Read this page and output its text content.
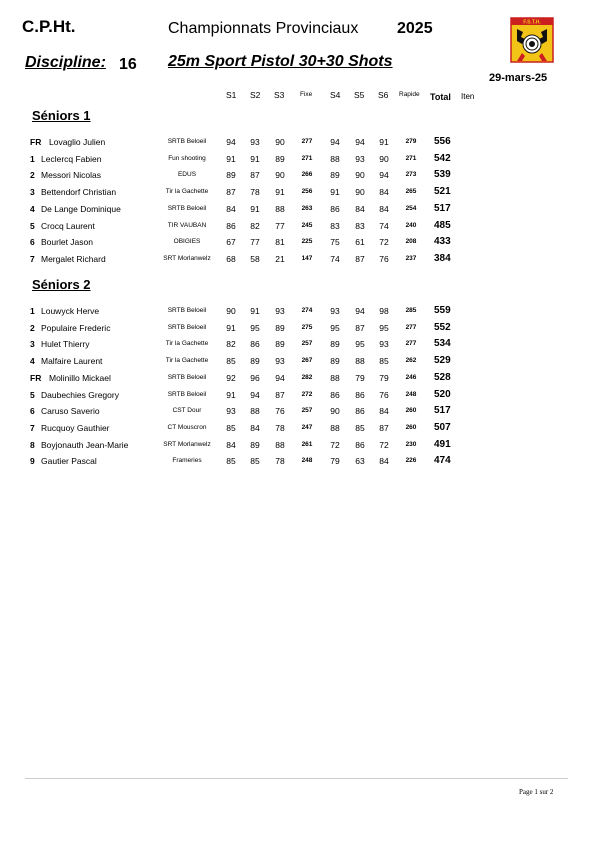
C.P.Ht.	Championnats Provinciaux 2025
Discipline: 16 25m Sport Pistol 30+30 Shots
29-mars-25
F.S.T.H.
S1 S2 S3 Fixe S4 S5 S6 Rapide Total Iten
Séniors 1
FR Lovaglio Julien	SRTB Beloeil 94 93 90	277 94 94 91	279 556
1 Leclercq Fabien	Fun shooting 91 91 89	271 88 93 90	271 542
2 Messori Nicolas	EDUS	89 87 90	266 89 90 94	273 539
3 Bettendorf Christian	Tir la Gachette 87 78 91	256 91 90 84	265 521
4 De Lange Dominique	SRTB Beloeil 84 91 88	263 86 84 84	254 517
5 Crocq Laurent	TIR VAUBAN 86 82 77	245 83 83 74	240 485
6 Bourlet Jason	OBIGIES	67 77 81	225 75 61 72	208 433
7 Mergalet Richard	SRT Morlanwelz 68 58 21	147 74 87 76	237 384
Séniors 2
1 Louwyck Herve	SRTB Beloeil 90 91 93	274 93 94 98	285 559
2 Populaire Frederic	SRTB Beloeil 91 95 89	275 95 87 95	277 552
3 Hulet Thierry	Tir la Gachette 82 86 89	257 89 95 93	277 534
4 Malfaire Laurent	Tir la Gachette 85 89 93	267 89 88 85	262 529
FR Molinillo Mickael	SRTB Beloeil 92 96 94	282 88 79 79	246 528
5 Daubechies Gregory	SRTB Beloeil 91 94 87	272 86 86 76	248 520
6 Caruso Saverio	CST Dour	93 88 76	257 90 86 84	260 517
7 Rucquoy Gauthier	CT Mouscron 85 84 78	247 88 85 87	260 507
8 Boyjonauth Jean-Marie	SRT Morlanwelz 84 89 88	261 72 86 72	230 491
9 Gautier Pascal	Frameries	85 85 78	248 79 63 84	226 474
Page 1 sur 2
